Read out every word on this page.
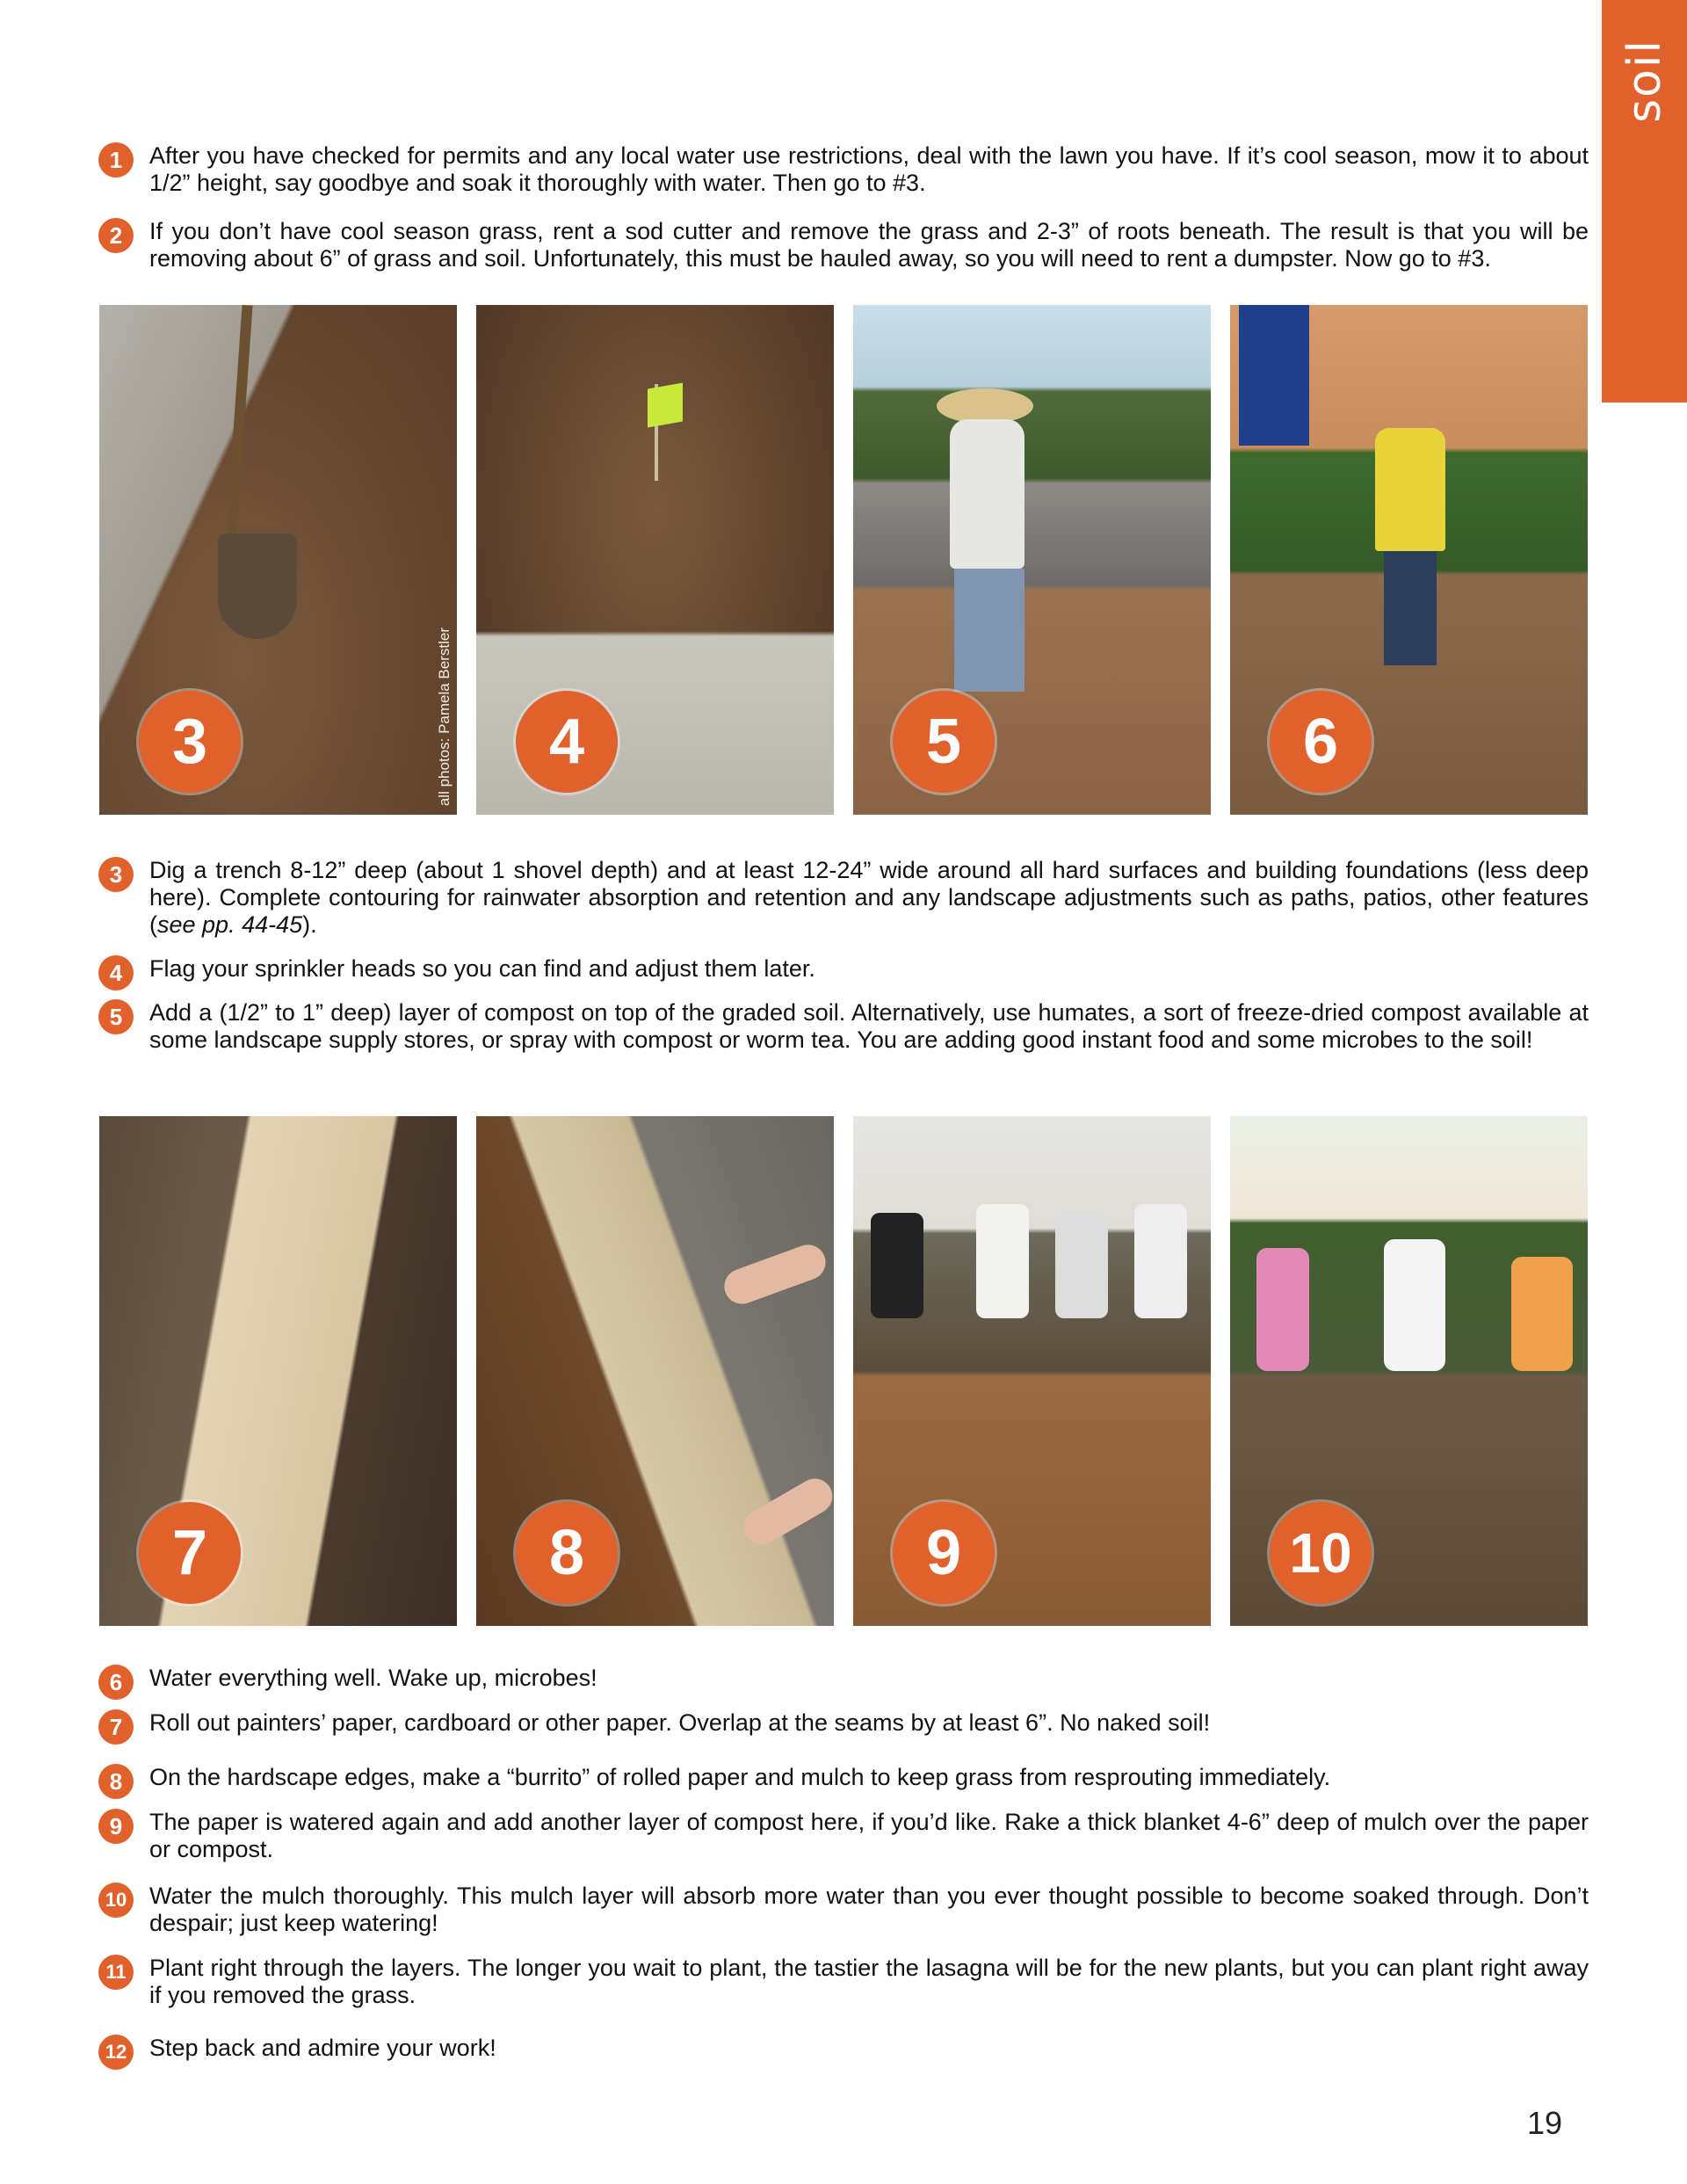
soil
1	After you have checked for permits and any local water use restrictions, deal with the lawn you have. If it’s cool season, mow it to about 1/2” height, say goodbye and soak it thoroughly with water. Then go to #3.
2	If you don’t have cool season grass, rent a sod cutter and remove the grass and 2-3” of roots beneath. The result is that you will be removing about 6” of grass and soil. Unfortunately, this must be hauled away, so you will need to rent a dumpster. Now go to #3.
all photos: Pamela Berstler
3	4	5	6
3	Dig a trench 8-12” deep (about 1 shovel depth) and at least 12-24” wide around all hard surfaces and building foundations (less deep here). Complete contouring for rainwater absorption and retention and any landscape adjustments such as paths, patios, other features (see pp. 44-45).
4	Flag your sprinkler heads so you can find and adjust them later.
5	Add a (1/2” to 1” deep) layer of compost on top of the graded soil. Alternatively, use humates, a sort of freeze-dried compost available at some landscape supply stores, or spray with compost or worm tea. You are adding good instant food and some microbes to the soil!
7	8	9	10
6	Water everything well. Wake up, microbes!
7	Roll out painters’ paper, cardboard or other paper. Overlap at the seams by at least 6”. No naked soil!
8	On the hardscape edges, make a “burrito” of rolled paper and mulch to keep grass from resprouting immediately.
9	The paper is watered again and add another layer of compost here, if you’d like. Rake a thick blanket 4-6” deep of mulch over the paper or compost.
10 Water the mulch thoroughly. This mulch layer will absorb more water than you ever thought possible to become soaked through. Don’t despair; just keep watering!
11 Plant right through the layers. The longer you wait to plant, the tastier the lasagna will be for the new plants, but you can plant right away if you removed the grass.
12 Step back and admire your work!
19
